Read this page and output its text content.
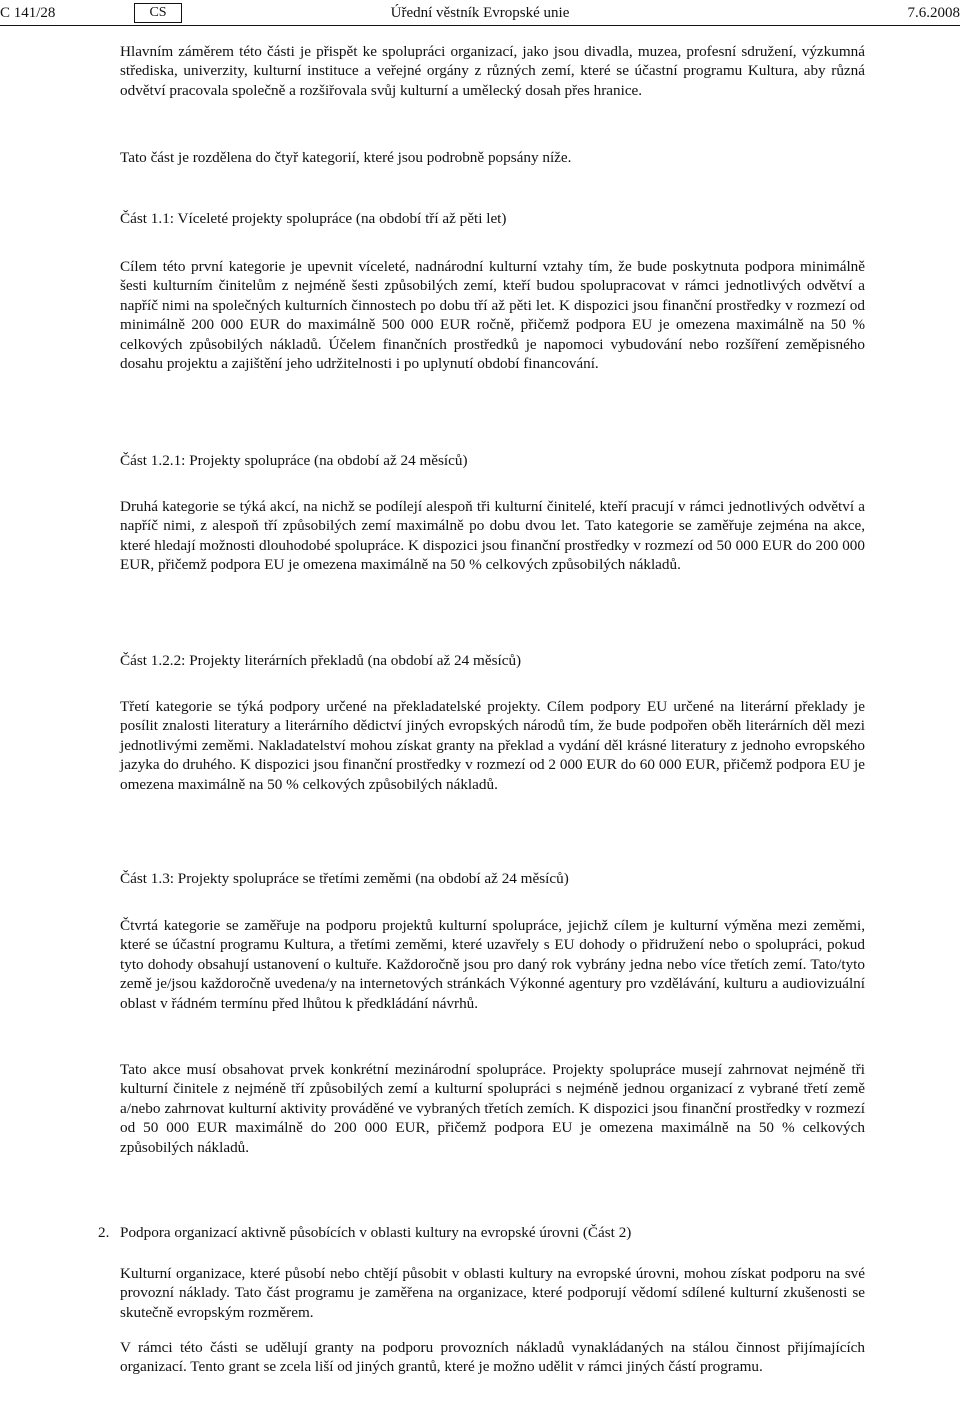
C 141/28	CS	Úřední věstník Evropské unie	7.6.2008

Hlavním záměrem této části je přispět ke spolupráci organizací, jako jsou divadla, muzea, profesní sdružení, výzkumná střediska, univerzity, kulturní instituce a veřejné orgány z různých zemí, které se účastní programu Kultura, aby různá odvětví pracovala společně a rozšiřovala svůj kulturní a umělecký dosah přes hranice.

Tato část je rozdělena do čtyř kategorií, které jsou podrobně popsány níže.

Část 1.1: Víceleté projekty spolupráce (na období tří až pěti let)

Cílem této první kategorie je upevnit víceleté, nadnárodní kulturní vztahy tím, že bude poskytnuta podpora minimálně šesti kulturním činitelům z nejméně šesti způsobilých zemí, kteří budou spolupracovat v rámci jednotlivých odvětví a napříč nimi na společných kulturních činnostech po dobu tří až pěti let. K dispozici jsou finanční prostředky v rozmezí od minimálně 200 000 EUR do maximálně 500 000 EUR ročně, přičemž podpora EU je omezena maximálně na 50 % celkových způsobilých nákladů. Účelem finančních prostředků je napomoci vybudování nebo rozšíření zeměpisného dosahu projektu a zajištění jeho udržitelnosti i po uplynutí období financování.

Část 1.2.1: Projekty spolupráce (na období až 24 měsíců)

Druhá kategorie se týká akcí, na nichž se podílejí alespoň tři kulturní činitelé, kteří pracují v rámci jednotlivých odvětví a napříč nimi, z alespoň tří způsobilých zemí maximálně po dobu dvou let. Tato kategorie se zaměřuje zejména na akce, které hledají možnosti dlouhodobé spolupráce. K dispozici jsou finanční prostředky v rozmezí od 50 000 EUR do 200 000 EUR, přičemž podpora EU je omezena maximálně na 50 % celkových způsobilých nákladů.

Část 1.2.2: Projekty literárních překladů (na období až 24 měsíců)

Třetí kategorie se týká podpory určené na překladatelské projekty. Cílem podpory EU určené na literární překlady je posílit znalosti literatury a literárního dědictví jiných evropských národů tím, že bude podpořen oběh literárních děl mezi jednotlivými zeměmi. Nakladatelství mohou získat granty na překlad a vydání děl krásné literatury z jednoho evropského jazyka do druhého. K dispozici jsou finanční prostředky v rozmezí od 2 000 EUR do 60 000 EUR, přičemž podpora EU je omezena maximálně na 50 % celkových způsobilých nákladů.

Část 1.3: Projekty spolupráce se třetími zeměmi (na období až 24 měsíců)

Čtvrtá kategorie se zaměřuje na podporu projektů kulturní spolupráce, jejichž cílem je kulturní výměna mezi zeměmi, které se účastní programu Kultura, a třetími zeměmi, které uzavřely s EU dohody o přidružení nebo o spolupráci, pokud tyto dohody obsahují ustanovení o kultuře. Každoročně jsou pro daný rok vybrány jedna nebo více třetích zemí. Tato/tyto země je/jsou každoročně uvedena/y na internetových stránkách Výkonné agentury pro vzdělávání, kulturu a audiovizuální oblast v řádném termínu před lhůtou k předkládání návrhů.

Tato akce musí obsahovat prvek konkrétní mezinárodní spolupráce. Projekty spolupráce musejí zahrnovat nejméně tři kulturní činitele z nejméně tří způsobilých zemí a kulturní spolupráci s nejméně jednou organizací z vybrané třetí země a/nebo zahrnovat kulturní aktivity prováděné ve vybraných třetích zemích. K dispozici jsou finanční prostředky v rozmezí od 50 000 EUR maximálně do 200 000 EUR, přičemž podpora EU je omezena maximálně na 50 % celkových způsobilých nákladů.

2. Podpora organizací aktivně působících v oblasti kultury na evropské úrovni (Část 2)

Kulturní organizace, které působí nebo chtějí působit v oblasti kultury na evropské úrovni, mohou získat podporu na své provozní náklady. Tato část programu je zaměřena na organizace, které podporují vědomí sdílené kulturní zkušenosti se skutečně evropským rozměrem.

V rámci této části se udělují granty na podporu provozních nákladů vynakládaných na stálou činnost přijímajících organizací. Tento grant se zcela liší od jiných grantů, které je možno udělit v rámci jiných částí programu.
